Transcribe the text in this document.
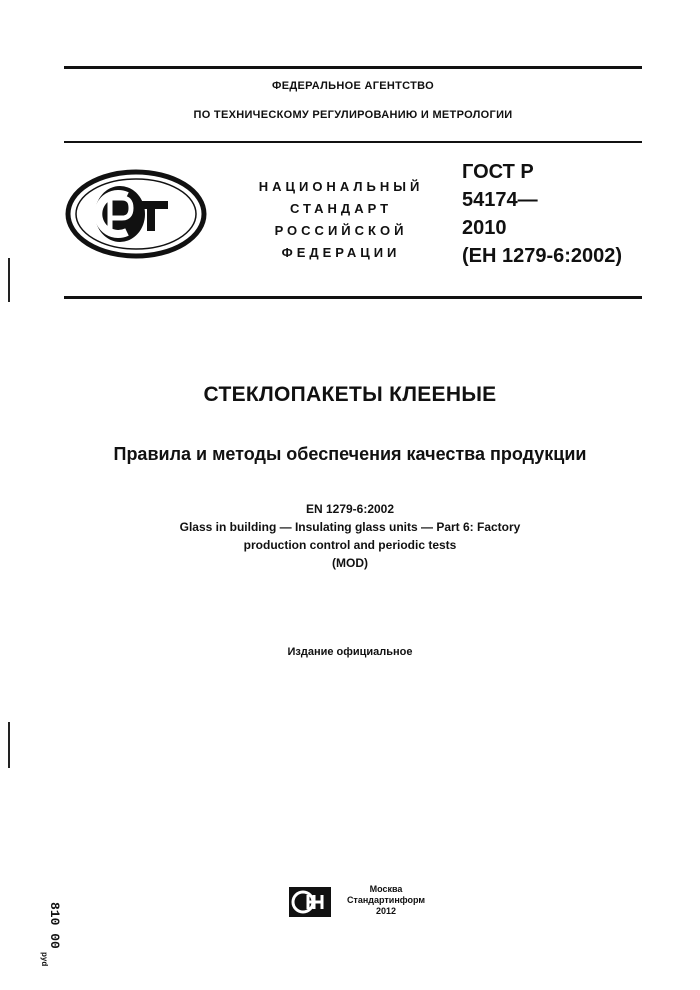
ФЕДЕРАЛЬНОЕ АГЕНТСТВО
ПО ТЕХНИЧЕСКОМУ РЕГУЛИРОВАНИЮ И МЕТРОЛОГИИ
НАЦИОНАЛЬНЫЙ
СТАНДАРТ
РОССИЙСКОЙ
ФЕДЕРАЦИИ
ГОСТ Р
54174—
2010
(ЕН 1279-6:2002)
СТЕКЛОПАКЕТЫ КЛЕЕНЫЕ
Правила и методы обеспечения качества продукции
EN 1279-6:2002
Glass in building — Insulating glass units — Part 6: Factory
production control and periodic tests
(MOD)
Издание официальное
Москва
Стандартинформ
2012
810 00
pyd
